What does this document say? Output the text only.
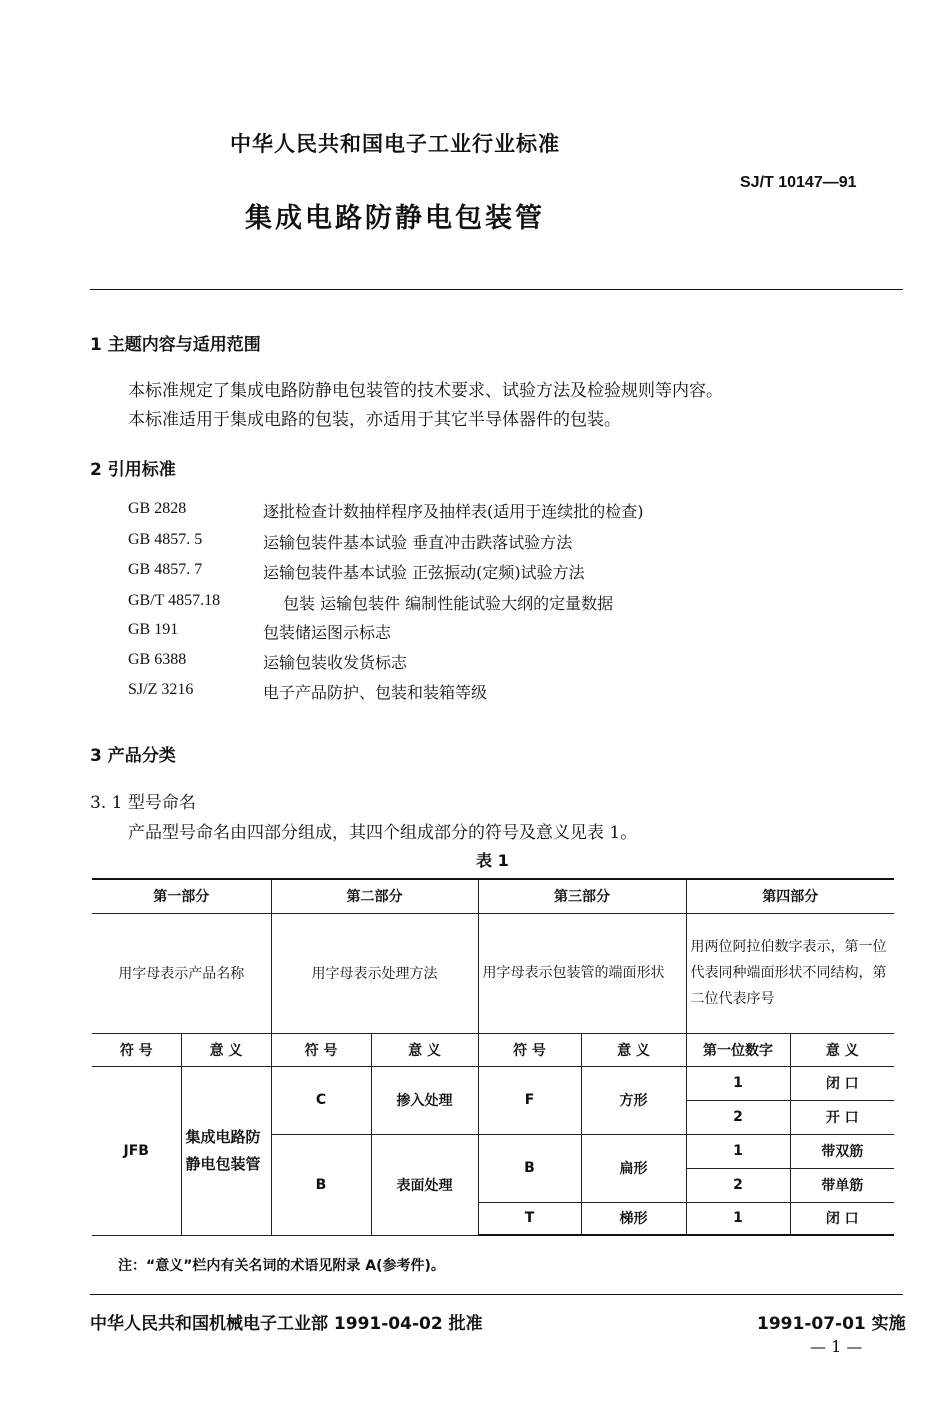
中华人民共和国电子工业行业标准
SJ/T 10147—91
集成电路防静电包装管
1 主题内容与适用范围
本标准规定了集成电路防静电包装管的技术要求、试验方法及检验规则等内容。
本标准适用于集成电路的包装，亦适用于其它半导体器件的包装。
2 引用标准
GB 2828	逐批检查计数抽样程序及抽样表(适用于连续批的检查)
GB 4857. 5	运输包装件基本试验 垂直冲击跌落试验方法
GB 4857. 7	运输包装件基本试验 正弦振动(定频)试验方法
GB/T 4857.18	包装 运输包装件 编制性能试验大纲的定量数据
GB 191	包装储运图示标志
GB 6388	运输包装收发货标志
SJ/Z 3216	电子产品防护、包装和装箱等级
3 产品分类
3. 1 型号命名
产品型号命名由四部分组成，其四个组成部分的符号及意义见表 1。
表 1
第一部分		第二部分		第三部分		第四部分	
用字母表示产品名称		用字母表示处理方法		用字母表示包装管的端面形状		用两位阿拉伯数字表示，第一位代表同种端面形状不同结构，第二位代表序号	
符 号	意 义	符 号	意 义	符 号	意 义	第一位数字	意 义
JFB	集成电路防静电包装管	C	掺入处理	F	方形	1	闭 口
						2	开 口
		B	表面处理	B	扁形	1	带双筋
						2	带单筋
				T	梯形	1	闭 口
注：“意义”栏内有关名词的术语见附录 A(参考件)。
中华人民共和国机械电子工业部 1991-04-02 批准	1991-07-01 实施
— 1 —
